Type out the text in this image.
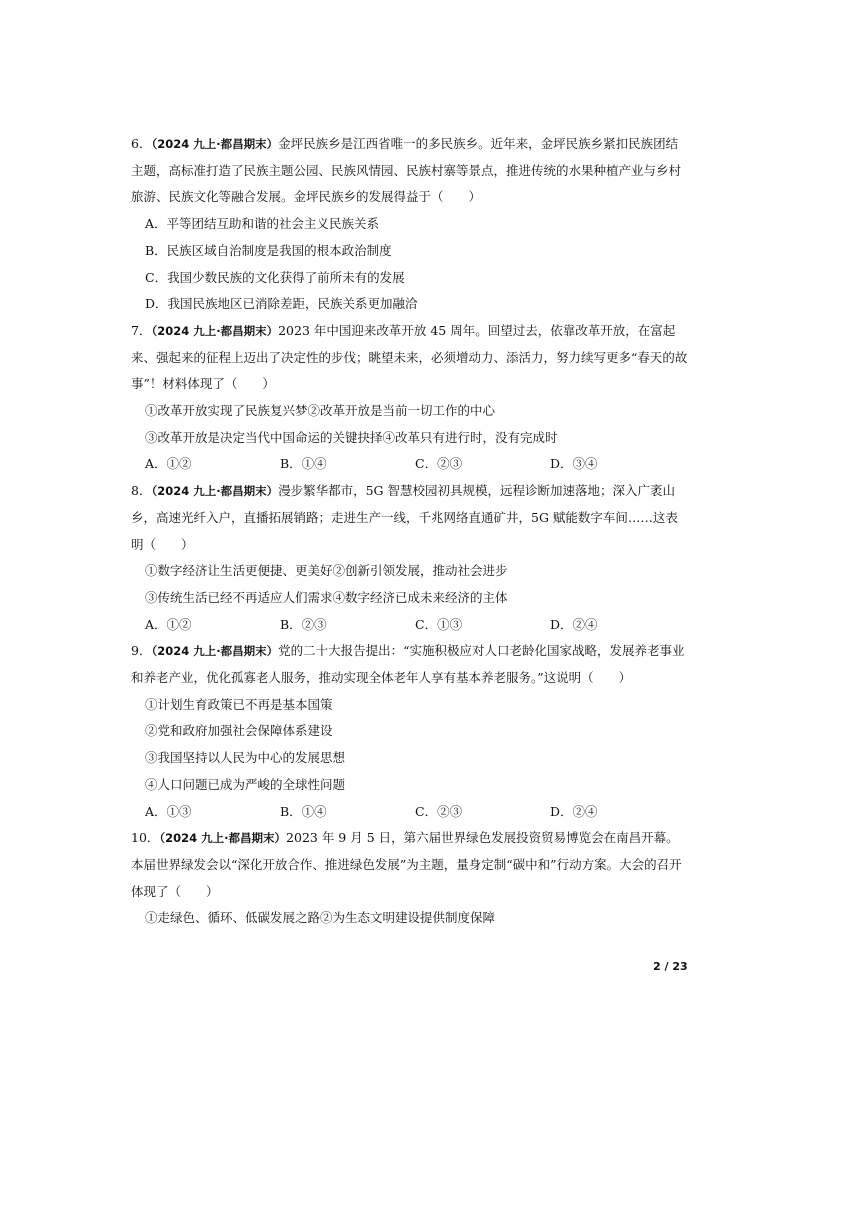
6．（2024 九上·都昌期末）金坪民族乡是江西省唯一的多民族乡。近年来，金坪民族乡紧扣民族团结主题，高标准打造了民族主题公园、民族风情园、民族村寨等景点，推进传统的水果种植产业与乡村旅游、民族文化等融合发展。金坪民族乡的发展得益于（　　）

A．平等团结互助和谐的社会主义民族关系

B．民族区域自治制度是我国的根本政治制度

C．我国少数民族的文化获得了前所未有的发展

D．我国民族地区已消除差距，民族关系更加融洽

7．（2024 九上·都昌期末）2023 年中国迎来改革开放 45 周年。回望过去，依靠改革开放，在富起来、强起来的征程上迈出了决定性的步伐；眺望未来，必须增动力、添活力，努力续写更多“春天的故事”！材料体现了（　　）

①改革开放实现了民族复兴梦②改革开放是当前一切工作的中心

③改革开放是决定当代中国命运的关键抉择④改革只有进行时，没有完成时

A．①②	B．①④	C．②③	D．③④

8．（2024 九上·都昌期末）漫步繁华都市，5G 智慧校园初具规模，远程诊断加速落地；深入广袤山乡，高速光纤入户，直播拓展销路；走进生产一线，千兆网络直通矿井，5G 赋能数字车间……这表明（　　）

①数字经济让生活更便捷、更美好②创新引领发展，推动社会进步

③传统生活已经不再适应人们需求④数字经济已成未来经济的主体

A．①②	B．②③	C．①③	D．②④

9．（2024 九上·都昌期末）党的二十大报告提出：“实施积极应对人口老龄化国家战略，发展养老事业和养老产业，优化孤寡老人服务，推动实现全体老年人享有基本养老服务。”这说明（　　）

①计划生育政策已不再是基本国策

②党和政府加强社会保障体系建设

③我国坚持以人民为中心的发展思想

④人口问题已成为严峻的全球性问题

A．①③	B．①④	C．②③	D．②④

10．（2024 九上·都昌期末）2023 年 9 月 5 日，第六届世界绿色发展投资贸易博览会在南昌开幕。本届世界绿发会以“深化开放合作、推进绿色发展”为主题，量身定制“碳中和”行动方案。大会的召开体现了（　　）

①走绿色、循环、低碳发展之路②为生态文明建设提供制度保障

2 / 23
